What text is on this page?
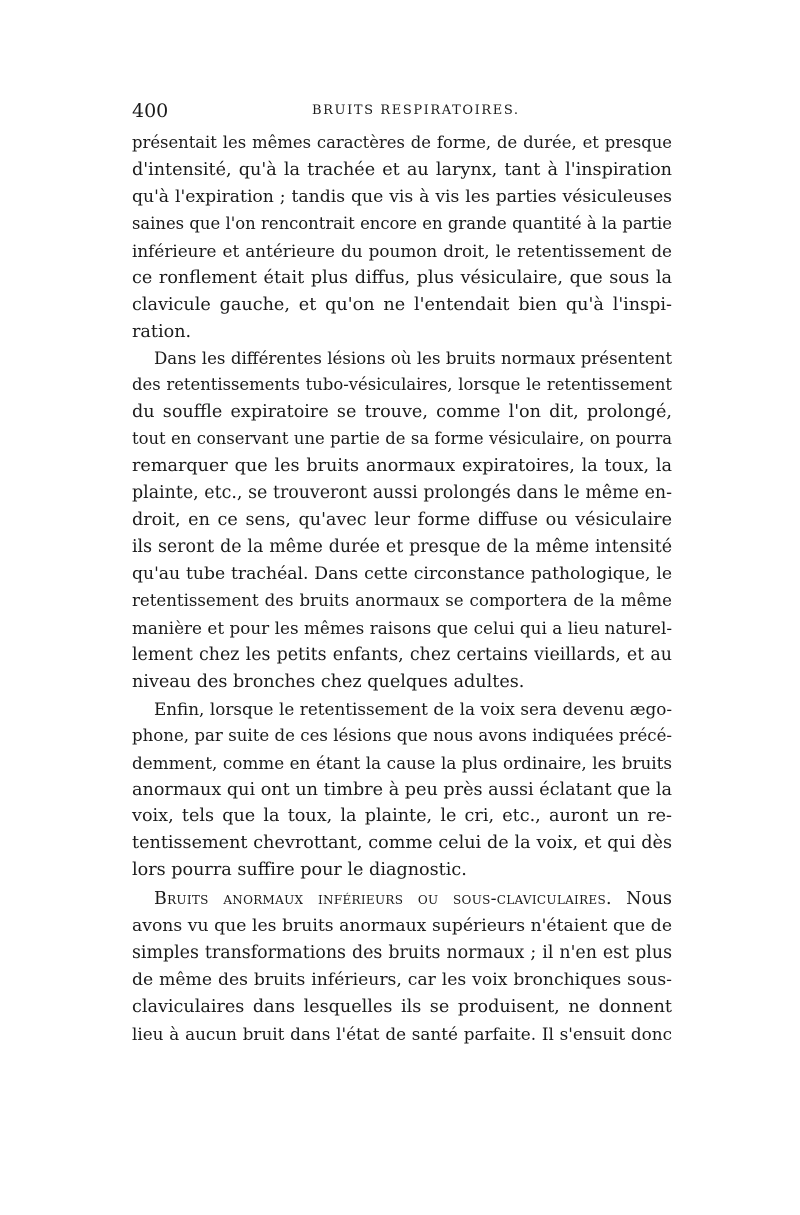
400	BRUITS RESPIRATOIRES.
présentait les mêmes caractères de forme, de durée, et presque
d'intensité, qu'à la trachée et au larynx, tant à l'inspiration
qu'à l'expiration ; tandis que vis à vis les parties vésiculeuses
saines que l'on rencontrait encore en grande quantité à la partie
inférieure et antérieure du poumon droit, le retentissement de
ce ronflement était plus diffus, plus vésiculaire, que sous la
clavicule gauche, et qu'on ne l'entendait bien qu'à l'inspi-
ration.
Dans les différentes lésions où les bruits normaux présentent
des retentissements tubo-vésiculaires, lorsque le retentissement
du souffle expiratoire se trouve, comme l'on dit, prolongé,
tout en conservant une partie de sa forme vésiculaire, on pourra
remarquer que les bruits anormaux expiratoires, la toux, la
plainte, etc., se trouveront aussi prolongés dans le même en-
droit, en ce sens, qu'avec leur forme diffuse ou vésiculaire
ils seront de la même durée et presque de la même intensité
qu'au tube trachéal. Dans cette circonstance pathologique, le
retentissement des bruits anormaux se comportera de la même
manière et pour les mêmes raisons que celui qui a lieu naturel-
lement chez les petits enfants, chez certains vieillards, et au
niveau des bronches chez quelques adultes.
Enfin, lorsque le retentissement de la voix sera devenu ægo-
phone, par suite de ces lésions que nous avons indiquées précé-
demment, comme en étant la cause la plus ordinaire, les bruits
anormaux qui ont un timbre à peu près aussi éclatant que la
voix, tels que la toux, la plainte, le cri, etc., auront un re-
tentissement chevrottant, comme celui de la voix, et qui dès
lors pourra suffire pour le diagnostic.
Bruits anormaux inférieurs ou sous-claviculaires. Nous
avons vu que les bruits anormaux supérieurs n'étaient que de
simples transformations des bruits normaux ; il n'en est plus
de même des bruits inférieurs, car les voix bronchiques sous-
claviculaires dans lesquelles ils se produisent, ne donnent
lieu à aucun bruit dans l'état de santé parfaite. Il s'ensuit donc
